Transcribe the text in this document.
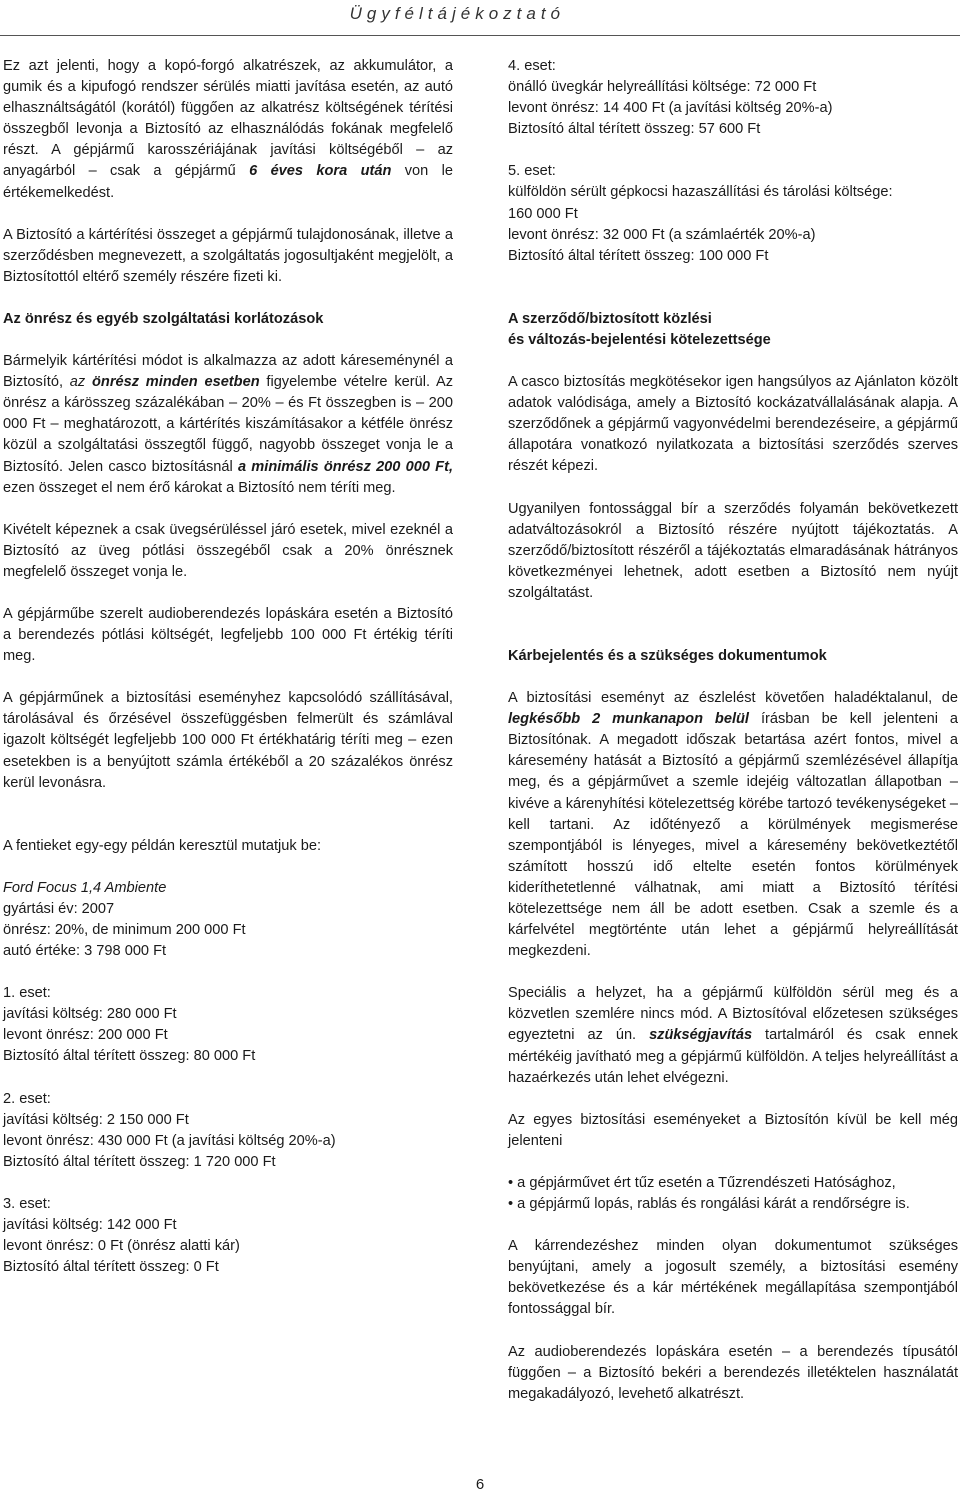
Ügyféltájékoztató

Ez azt jelenti, hogy a kopó-forgó alkatrészek, az akkumulátor, a gumik és a kipufogó rendszer sérülés miatti javítása esetén, az autó elhasználtságától (korától) függően az alkatrész költségének térítési összegből levonja a Biztosító az elhasználódás fokának megfelelő részt. A gépjármű karosszériájának javítási költségéből – az anyagárból – csak a gépjármű 6 éves kora után von le értékemelkedést.

A Biztosító a kártérítési összeget a gépjármű tulajdonosának, illetve a szerződésben megnevezett, a szolgáltatás jogosultjaként megjelölt, a Biztosítottól eltérő személy részére fizeti ki.

Az önrész és egyéb szolgáltatási korlátozások

Bármelyik kártérítési módot is alkalmazza az adott káreseménynél a Biztosító, az önrész minden esetben figyelembe vételre kerül. Az önrész a kárösszeg százalékában – 20% – és Ft összegben is – 200 000 Ft – meghatározott, a kártérítés kiszámításakor a kétféle önrész közül a szolgáltatási összegtől függő, nagyobb összeget vonja le a Biztosító. Jelen casco biztosításnál a minimális önrész 200 000 Ft, ezen összeget el nem érő károkat a Biztosító nem téríti meg.

Kivételt képeznek a csak üvegsérüléssel járó esetek, mivel ezeknél a Biztosító az üveg pótlási összegéből csak a 20% önrésznek megfelelő összeget vonja le.

A gépjárműbe szerelt audioberendezés lopáskára esetén a Biztosító a berendezés pótlási költségét, legfeljebb 100 000 Ft értékig téríti meg.

A gépjárműnek a biztosítási eseményhez kapcsolódó szállításával, tárolásával és őrzésével összefüggésben felmerült és számlával igazolt költségét legfeljebb 100 000 Ft értékhatárig téríti meg – ezen esetekben is a benyújtott számla értékéből a 20 százalékos önrész kerül levonásra.

A fentieket egy-egy példán keresztül mutatjuk be:

Ford Focus 1,4 Ambiente
gyártási év: 2007
önrész: 20%, de minimum 200 000 Ft
autó értéke: 3 798 000 Ft
1. eset:
javítási költség: 280 000 Ft
levont önrész: 200 000 Ft
Biztosító által térített összeg: 80 000 Ft
2. eset:
javítási költség: 2 150 000 Ft
levont önrész: 430 000 Ft (a javítási költség 20%-a)
Biztosító által térített összeg: 1 720 000 Ft
3. eset:
javítási költség: 142 000 Ft
levont önrész: 0 Ft (önrész alatti kár)
Biztosító által térített összeg: 0 Ft
4. eset:
önálló üvegkár helyreállítási költsége: 72 000 Ft
levont önrész: 14 400 Ft (a javítási költség 20%-a)
Biztosító által térített összeg: 57 600 Ft
5. eset:
külföldön sérült gépkocsi hazaszállítási és tárolási költsége:
160 000 Ft
levont önrész: 32 000 Ft (a számlaérték 20%-a)
Biztosító által térített összeg: 100 000 Ft
A szerződő/biztosított közlési
és változás-bejelentési kötelezettsége

A casco biztosítás megkötésekor igen hangsúlyos az Ajánlaton közölt adatok valódisága, amely a Biztosító kockázatvállalásának alapja. A szerződőnek a gépjármű vagyonvédelmi berendezéseire, a gépjármű állapotára vonatkozó nyilatkozata a biztosítási szerződés szerves részét képezi.

Ugyanilyen fontossággal bír a szerződés folyamán bekövetkezett adatváltozásokról a Biztosító részére nyújtott tájékoztatás. A szerződő/biztosított részéről a tájékoztatás elmaradásának hátrányos következményei lehetnek, adott esetben a Biztosító nem nyújt szolgáltatást.

Kárbejelentés és a szükséges dokumentumok

A biztosítási eseményt az észlelést követően haladéktalanul, de legkésőbb 2 munkanapon belül írásban be kell jelenteni a Biztosítónak. A megadott időszak betartása azért fontos, mivel a káresemény hatását a Biztosító a gépjármű szemlézésével állapítja meg, és a gépjárművet a szemle idejéig változatlan állapotban – kivéve a kárenyhítési kötelezettség körébe tartozó tevékenységeket – kell tartani. Az időtényező a körülmények megismerése szempontjából is lényeges, mivel a káresemény bekövetkeztétől számított hosszú idő elteltе esetén fontos körülmények kideríthetetlenné válhatnak, ami miatt a Biztosító térítési kötelezettsége nem áll be adott esetben. Csak a szemle és a kárfelvétel megtörténte után lehet a gépjármű helyreállítását megkezdeni.

Speciális a helyzet, ha a gépjármű külföldön sérül meg és a közvetlen szemlére nincs mód. A Biztosítóval előzetesen szükséges egyeztetni az ún. szükségjavítás tartalmáról és csak ennek mértékéig javítható meg a gépjármű külföldön. A teljes helyreállítást a hazaérkezés után lehet elvégezni.

Az egyes biztosítási eseményeket a Biztosítón kívül be kell még jelenteni

• a gépjárművet ért tűz esetén a Tűzrendészeti Hatósághoz,
• a gépjármű lopás, rablás és rongálási kárát a rendőrségre is.

A kárrendezéshez minden olyan dokumentumot szükséges benyújtani, amely a jogosult személy, a biztosítási esemény bekövetkezése és a kár mértékének megállapítása szempontjából fontossággal bír.

Az audioberendezés lopáskára esetén – a berendezés típusától függően – a Biztosító bekéri a berendezés illetéktelen használatát megakadályozó, levehető alkatrészt.

6
